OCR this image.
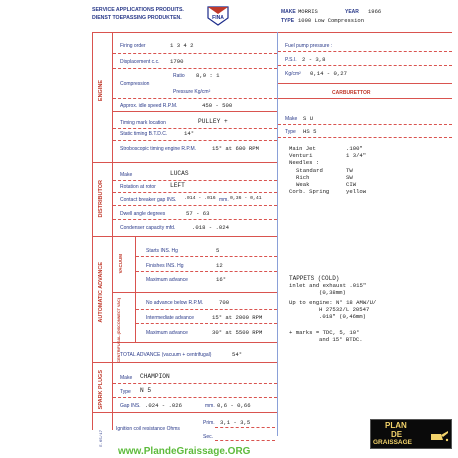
SERVICE APPLICATIONS PRODUITS.
DIENST TOEPASSING PRODUKTEN.	FINA
MAKE MORRIS	YEAR 1966
TYPE 1000 Low Compression
ENGINE
DISTRIBUTOR
AUTOMATIC ADVANCE
SPARK PLUGS
Firing order	1 3 4 2
Displacement c.c. 1790
Compression
Ratio 8,9 : 1
Pressure Kg/cm²
Approx. idle speed R.P.M.	450 - 500
Timing mark location	PULLEY +
Static timing B.T.D.C.	14°
Stroboscopic timing engine R.P.M.	15° at 600 RPM
Make	LUCAS
Rotation at rotor LEFT
Contact breaker gap INS. .014 - .016 mm. 0,36 - 0,41
Dwell angle degrees	57 - 63
Condenser capacity mfd.	.018 - .024
VACUUM
CENTRIFUGAL (DISCONNECT VAC)
Starts INS. Hg	5
Finishes INS. Hg	12
Maximum advance	16°
No advance below R.P.M.	700
Intermediate advance	15° at 2000 RPM
Maximum advance	30° at 5500 RPM
TOTAL ADVANCE (vacuum + centrifugal)	54°
Make CHAMPION
Type N 5
Gap INS. .024 - .026	mm. 0,6 - 0,66
Ignition coil resistance Ohms
Prim. 3,1 - 3,5
Sec.
E.65/17
Fuel pump pressure :
P.S.I. 2 - 3,8
Kg/cm² 0,14 - 0,27
CARBURETTOR
Make S U
Type HS 5
Main Jet	.100"
Venturi	1 3/4"
Needles :
Standard	TW
Rich	SW
Weak	CIW
Corb. Spring	yellow
TAPPETS (COLD)
inlet and exhaust .015"
(0,38mm)
Up to engine: N° 18 AMW/U/
H 27532/L 20547
.018" (0,46mm)
+ marks = TDC, 5, 10°
and 15° BTDC.
PLAN
DE
GRAISSAGE
www.PlandeGraissage.ORG
